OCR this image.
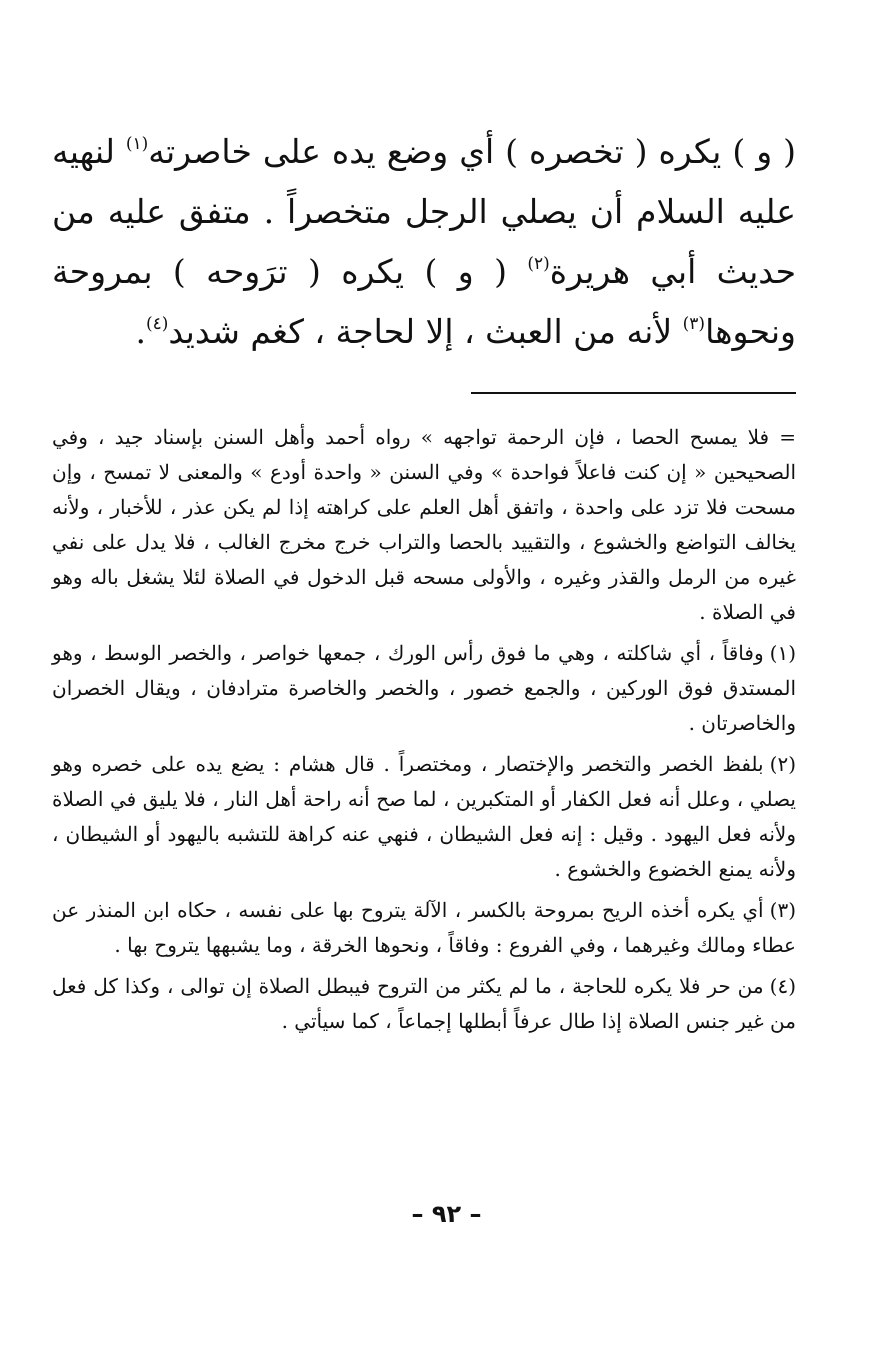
( و ) يكره ( تخصره ) أي وضع يده على خاصرته$^{(١)}$ لنهيه عليه السلام أن يصلي الرجل متخصراً . متفق عليه من حديث أبي هريرة$^{(٢)}$ ( و ) يكره ( ترَوحه ) بمروحة ونحوها$^{(٣)}$ لأنه من العبث ، إلا لحاجة ، كغم شديد$^{(٤)}$.

= فلا يمسح الحصا ، فإن الرحمة تواجهه » رواه أحمد وأهل السنن بإسناد جيد ، وفي الصحيحين « إن كنت فاعلاً فواحدة » وفي السنن « واحدة أودع » والمعنى لا تمسح ، وإن مسحت فلا تزد على واحدة ، واتفق أهل العلم على كراهته إذا لم يكن عذر ، للأخبار ، ولأنه يخالف التواضع والخشوع ، والتقييد بالحصا والتراب خرج مخرج الغالب ، فلا يدل على نفي غيره من الرمل والقذر وغيره ، والأولى مسحه قبل الدخول في الصلاة لئلا يشغل باله وهو في الصلاة .

(١)وفاقاً ، أي شاكلته ، وهي ما فوق رأس الورك ، جمعها خواصر ، والخصر الوسط ، وهو المستدق فوق الوركين ، والجمع خصور ، والخصر والخاصرة مترادفان ، ويقال الخصران والخاصرتان .

(٢)بلفظ الخصر والتخصر والإختصار ، ومختصراً . قال هشام : يضع يده على خصره وهو يصلي ، وعلل أنه فعل الكفار أو المتكبرين ، لما صح أنه راحة أهل النار ، فلا يليق في الصلاة ولأنه فعل اليهود . وقيل : إنه فعل الشيطان ، فنهي عنه كراهة للتشبه باليهود أو الشيطان ، ولأنه يمنع الخضوع والخشوع .

(٣)أي يكره أخذه الريح بمروحة بالكسر ، الآلة يتروح بها على نفسه ، حكاه ابن المنذر عن عطاء ومالك وغيرهما ، وفي الفروع : وفاقاً ، ونحوها الخرقة ، وما يشبهها يتروح بها .

(٤)من حر فلا يكره للحاجة ، ما لم يكثر من التروح فيبطل الصلاة إن توالى ، وكذا كل فعل من غير جنس الصلاة إذا طال عرفاً أبطلها إجماعاً ، كما سيأتي .

– ٩٢ –
